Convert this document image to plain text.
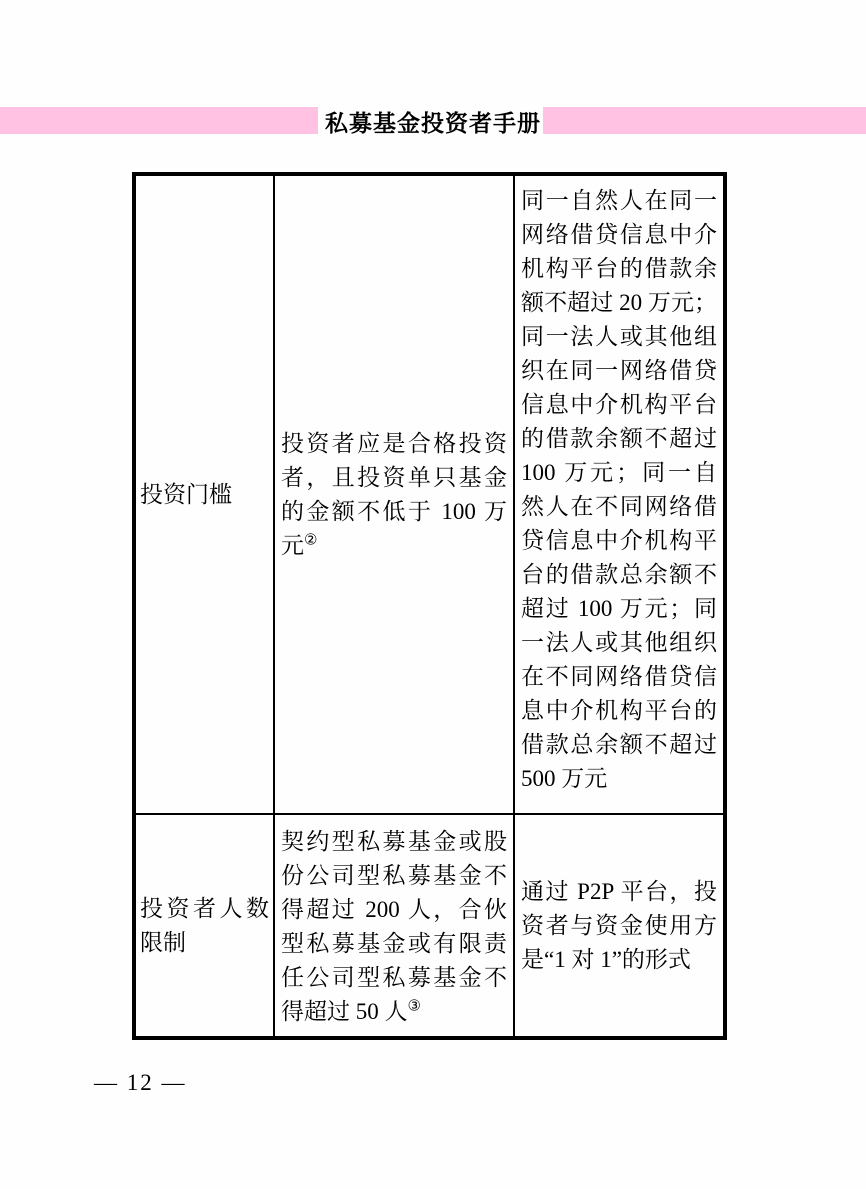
私募基金投资者手册
投资门槛
投资者应是合格投资者，且投资单只基金的金额不低于 100 万元②
同一自然人在同一网络借贷信息中介机构平台的借款余额不超过 20 万元；同一法人或其他组织在同一网络借贷信息中介机构平台的借款余额不超过 100 万元；同一自然人在不同网络借贷信息中介机构平台的借款总余额不超过 100 万元；同一法人或其他组织在不同网络借贷信息中介机构平台的借款总余额不超过 500 万元
投资者人数限制
契约型私募基金或股份公司型私募基金不得超过 200 人，合伙型私募基金或有限责任公司型私募基金不得超过 50 人③
通过 P2P 平台，投资者与资金使用方是“1 对 1”的形式
— 12 —
